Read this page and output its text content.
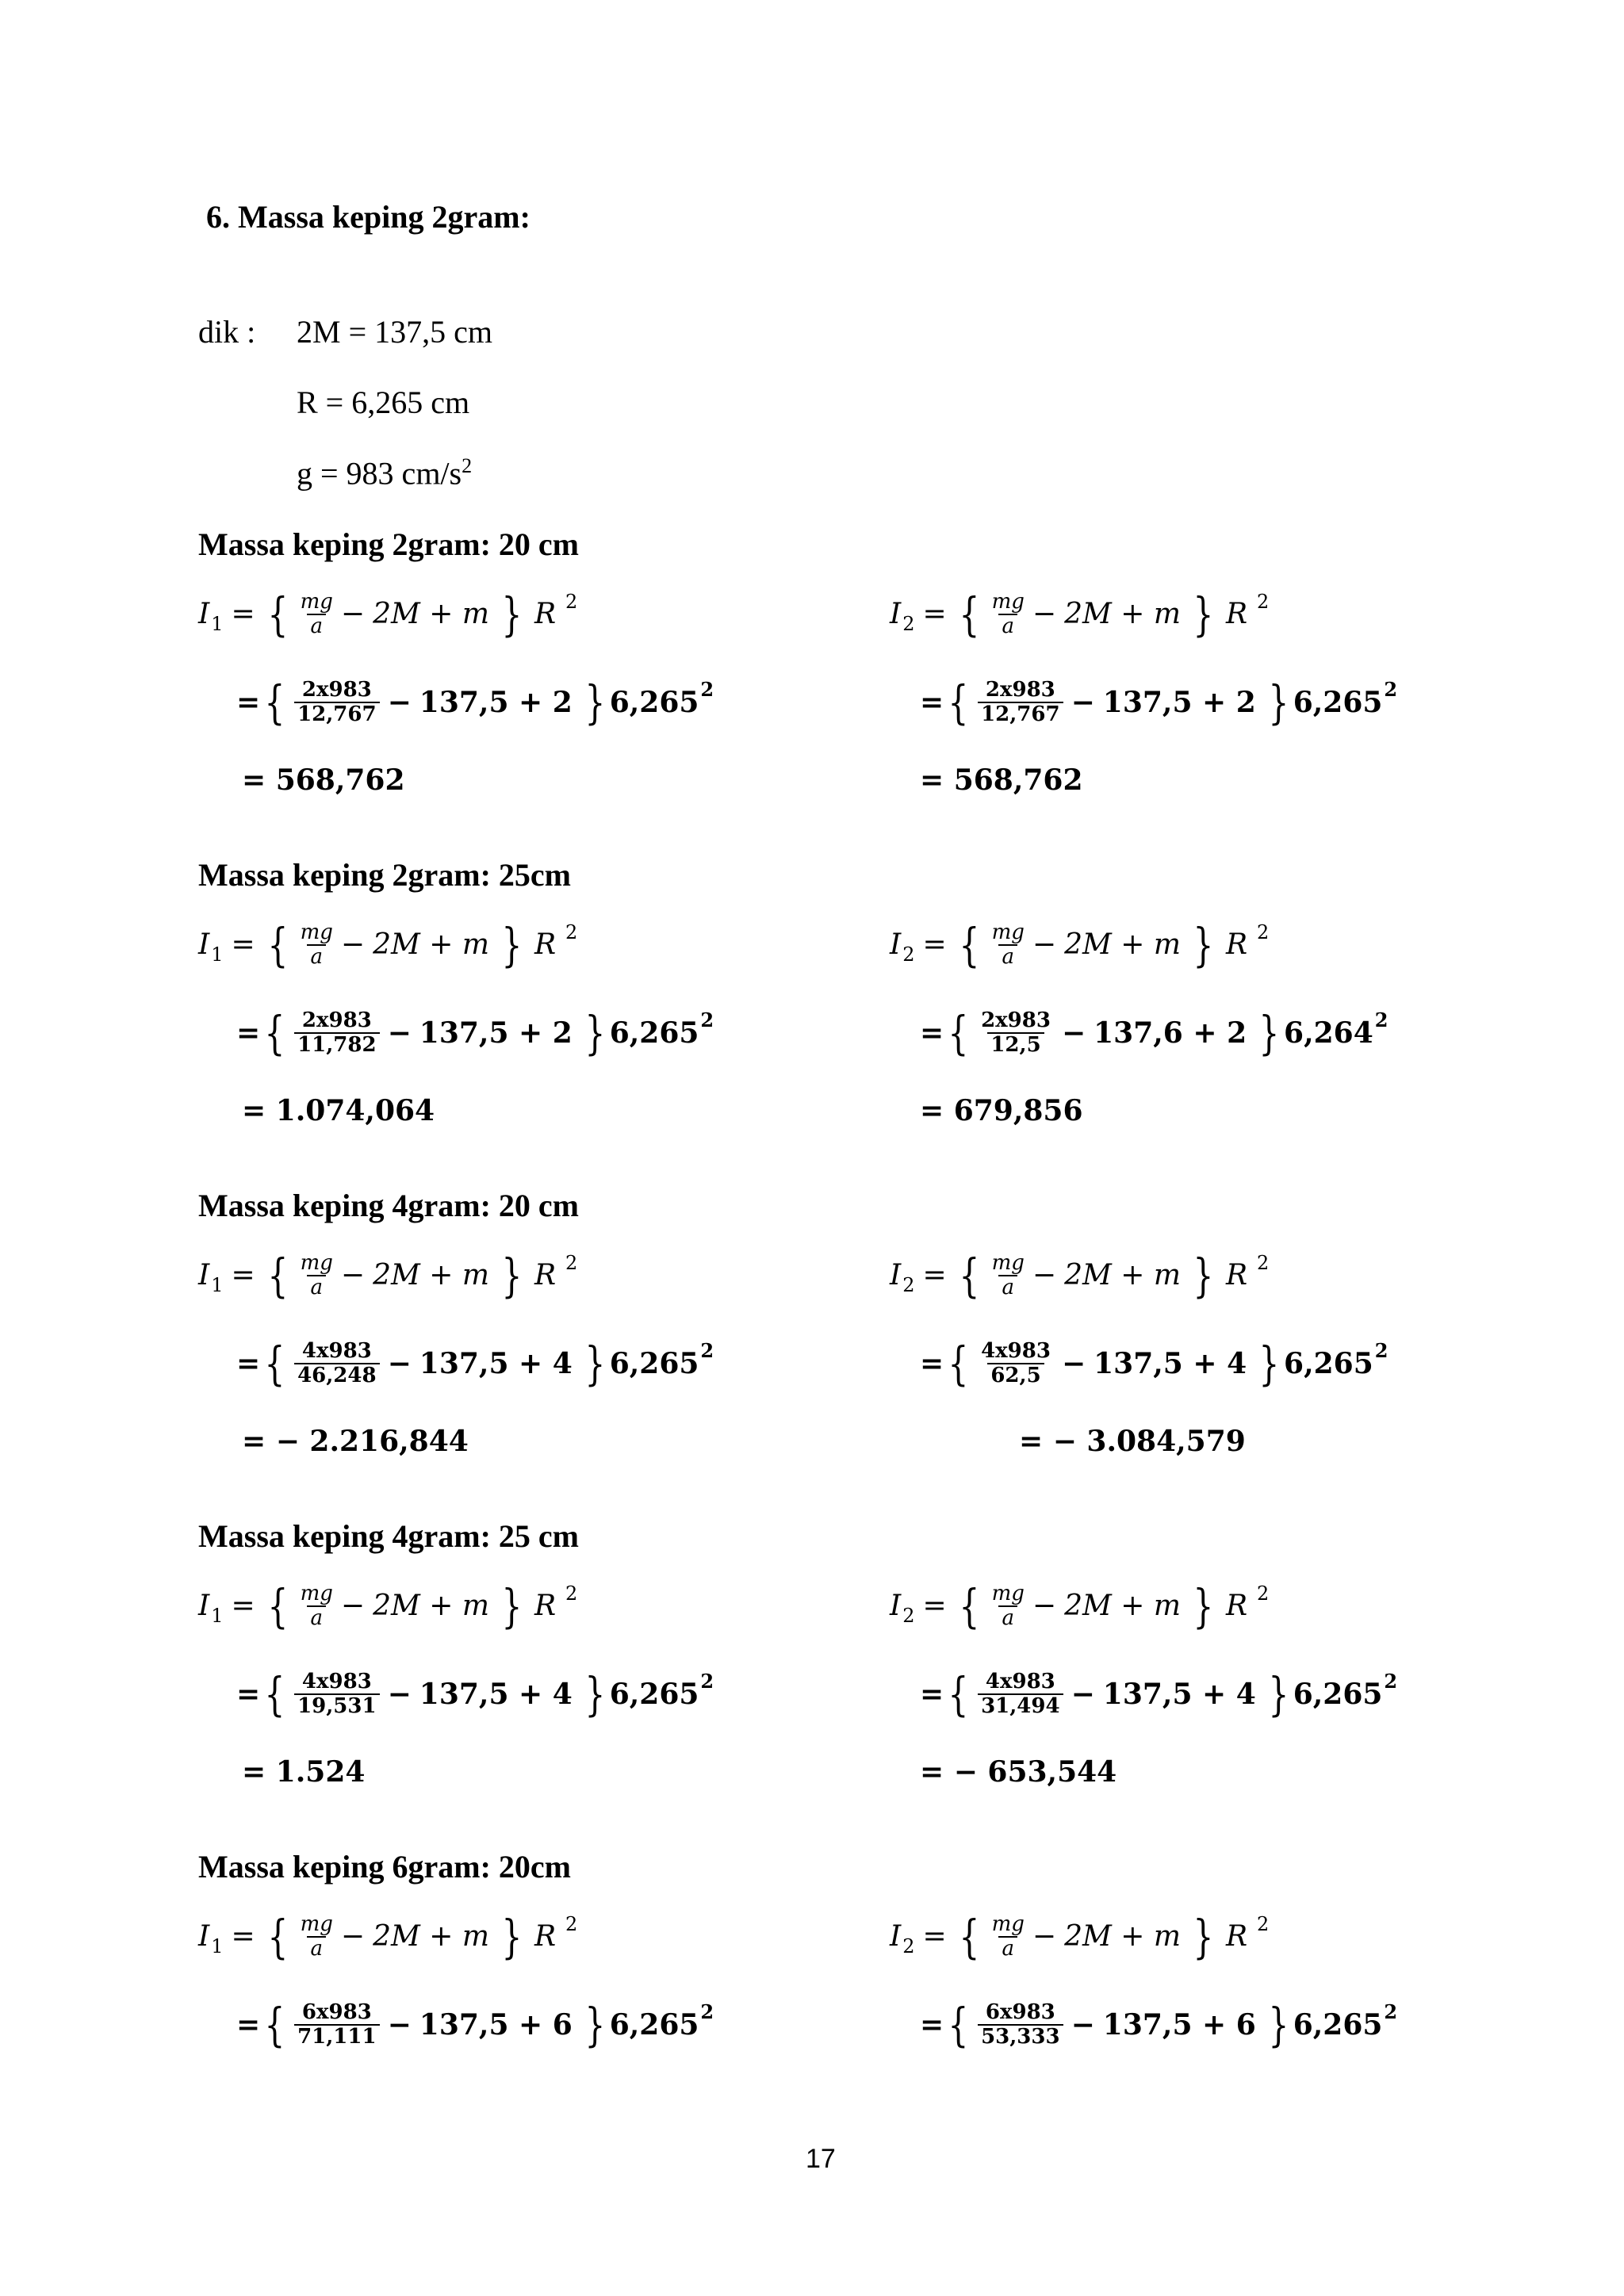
6. Massa keping 2gram:
dik : 2M = 137,5 cm
R = 6,265 cm
g = 983 $cm/s^2$
Massa keping 2gram: 20 cm
I 1 = { $\frac{mg}{a} - 2M + m$ } R 2	I 2 = { $\frac{mg}{a} - 2M + m$ } R 2
= { $\frac{2x983}{12,767} - 137,5 + 2$ } 6,265 2	= { $\frac{2x983}{12,767} - 137,5 + 2$ } 6,265 2
= 568,762	= 568,762
Massa keping 2gram: 25cm
I 1 = { $\frac{mg}{a} - 2M + m$ } R 2	I 2 = { $\frac{mg}{a} - 2M + m$ } R 2
= { $\frac{2x983}{11,782} - 137,5 + 2$ } 6,265 2	= { $\frac{2x983}{12,5} - 137,6 + 2$ } 6,264 2
= 1.074,064	= 679,856
Massa keping 4gram: 20 cm
I 1 = { $\frac{mg}{a} - 2M + m$ } R 2	I 2 = { $\frac{mg}{a} - 2M + m$ } R 2
= { $\frac{4x983}{46,248} - 137,5 + 4$ } 6,265 2	= { $\frac{4x983}{62,5} - 137,5 + 4$ } 6,265 2
= − 2.216,844	= − 3.084,579
Massa keping 4gram: 25 cm
I 1 = { $\frac{mg}{a} - 2M + m$ } R 2	I 2 = { $\frac{mg}{a} - 2M + m$ } R 2
= { $\frac{4x983}{19,531} - 137,5 + 4$ } 6,265 2	= { $\frac{4x983}{31,494} - 137,5 + 4$ } 6,265 2
= 1.524	= − 653,544
Massa keping 6gram: 20cm
I 1 = { $\frac{mg}{a} - 2M + m$ } R 2	I 2 = { $\frac{mg}{a} - 2M + m$ } R 2
= { $\frac{6x983}{71,111} - 137,5 + 6$ } 6,265 2	= { $\frac{6x983}{53,333} - 137,5 + 6$ } 6,265 2
17
